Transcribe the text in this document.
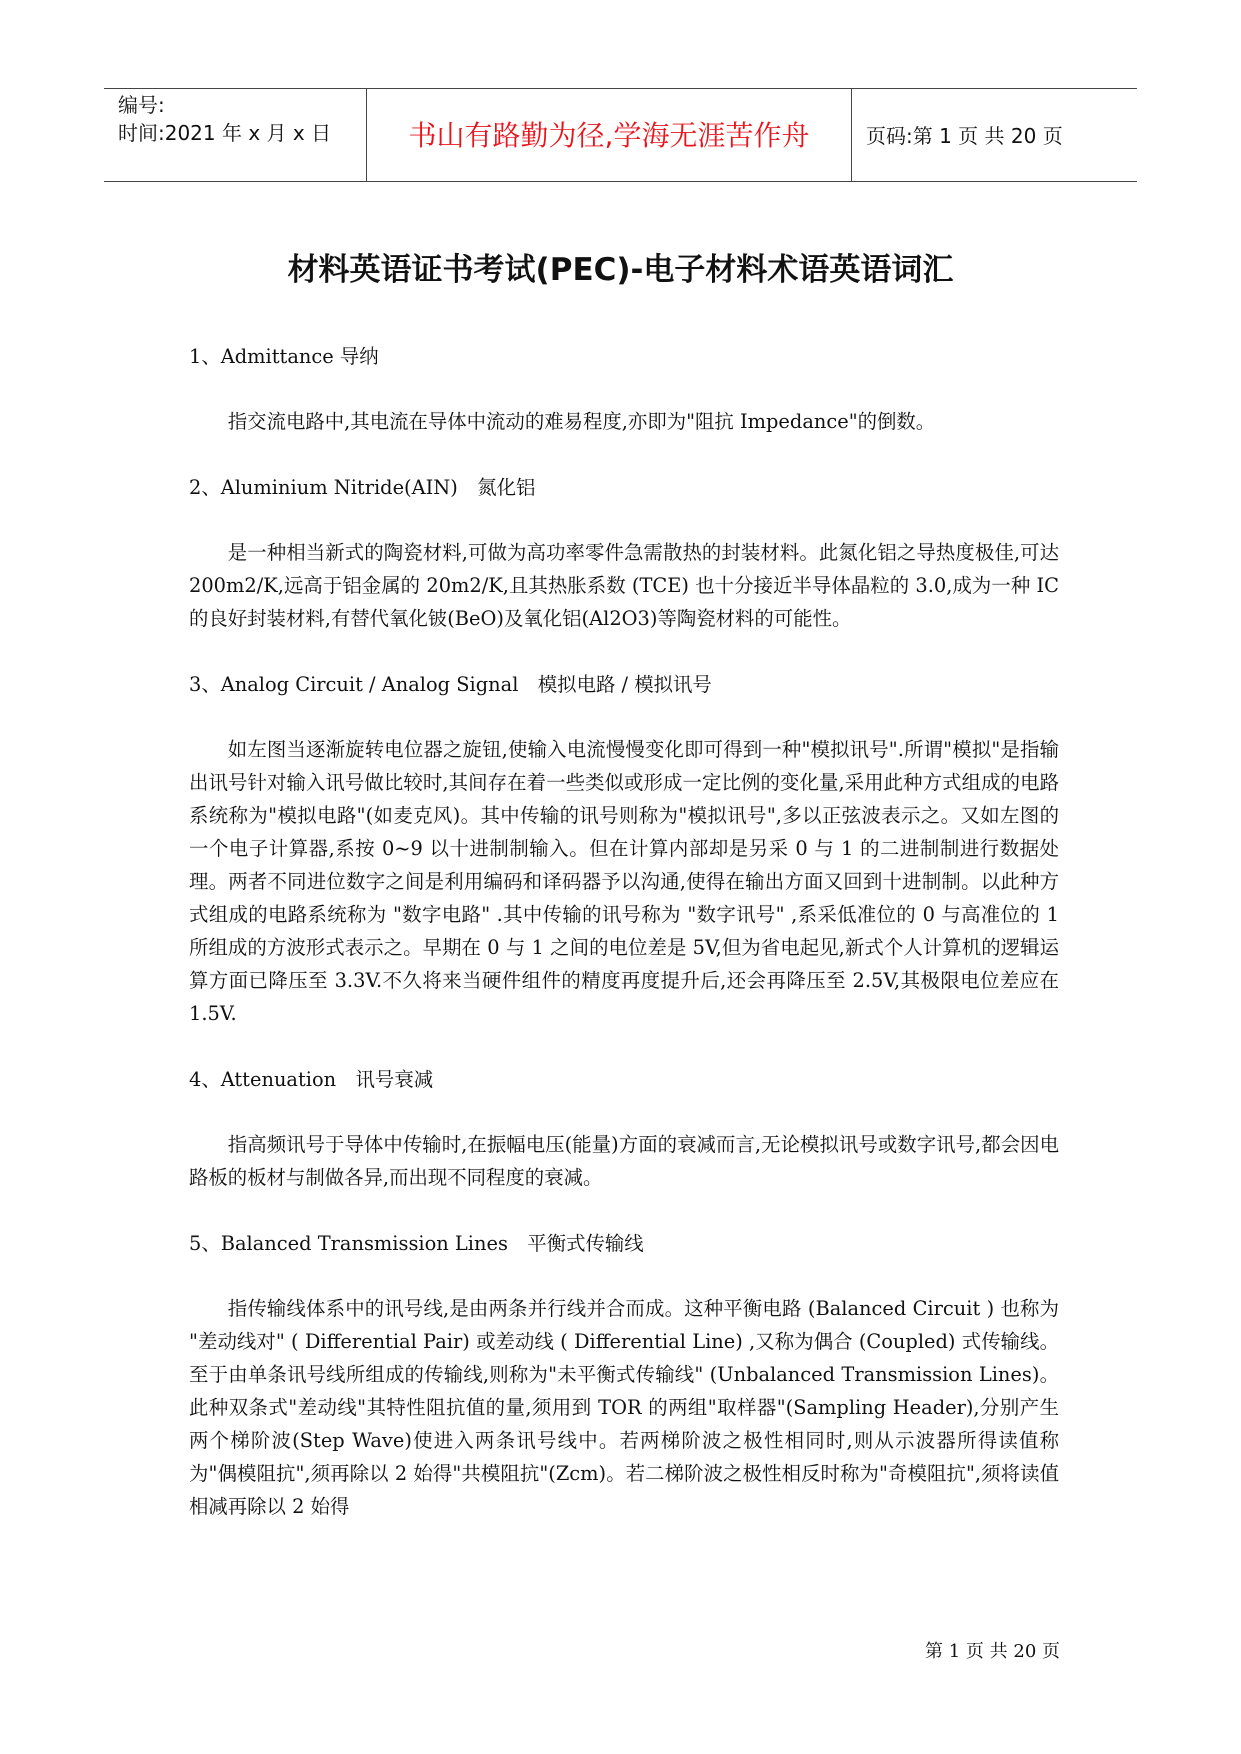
编号:
时间:2021 年 x 月 x 日	书山有路勤为径,学海无涯苦作舟	页码:第 1 页 共 20 页
材料英语证书考试(PEC)-电子材料术语英语词汇

1、Admittance 导纳

指交流电路中,其电流在导体中流动的难易程度,亦即为"阻抗 Impedance"的倒数。

2、Aluminium Nitride(AIN)　氮化铝

是一种相当新式的陶瓷材料,可做为高功率零件急需散热的封装材料。此氮化铝之导热度极佳,可达 200m2/K,远高于铝金属的 20m2/K,且其热胀系数 (TCE) 也十分接近半导体晶粒的 3.0,成为一种 IC 的良好封装材料,有替代氧化铍(BeO)及氧化铝(Al2O3)等陶瓷材料的可能性。

3、Analog Circuit / Analog Signal　模拟电路 / 模拟讯号

如左图当逐渐旋转电位器之旋钮,使输入电流慢慢变化即可得到一种"模拟讯号".所谓"模拟"是指输出讯号针对输入讯号做比较时,其间存在着一些类似或形成一定比例的变化量,采用此种方式组成的电路系统称为"模拟电路"(如麦克风)。其中传输的讯号则称为"模拟讯号",多以正弦波表示之。又如左图的一个电子计算器,系按 0~9 以十进制制输入。但在计算内部却是另采 0 与 1 的二进制制进行数据处理。两者不同进位数字之间是利用编码和译码器予以沟通,使得在输出方面又回到十进制制。以此种方式组成的电路系统称为 "数字电路" .其中传输的讯号称为 "数字讯号" ,系采低准位的 0 与高准位的 1 所组成的方波形式表示之。早期在 0 与 1 之间的电位差是 5V,但为省电起见,新式个人计算机的逻辑运算方面已降压至 3.3V.不久将来当硬件组件的精度再度提升后,还会再降压至 2.5V,其极限电位差应在 1.5V.

4、Attenuation　讯号衰减

指高频讯号于导体中传输时,在振幅电压(能量)方面的衰减而言,无论模拟讯号或数字讯号,都会因电路板的板材与制做各异,而出现不同程度的衰减。

5、Balanced Transmission Lines　平衡式传输线

指传输线体系中的讯号线,是由两条并行线并合而成。这种平衡电路 (Balanced Circuit ) 也称为 "差动线对" ( Differential Pair) 或差动线 ( Differential Line) ,又称为偶合 (Coupled) 式传输线。至于由单条讯号线所组成的传输线,则称为"未平衡式传输线" (Unbalanced Transmission Lines)。此种双条式"差动线"其特性阻抗值的量,须用到 TOR 的两组"取样器"(Sampling Header),分别产生两个梯阶波(Step Wave)使进入两条讯号线中。若两梯阶波之极性相同时,则从示波器所得读值称为"偶模阻抗",须再除以 2 始得"共模阻抗"(Zcm)。若二梯阶波之极性相反时称为"奇模阻抗",须将读值相减再除以 2 始得

第 1 页 共 20 页
